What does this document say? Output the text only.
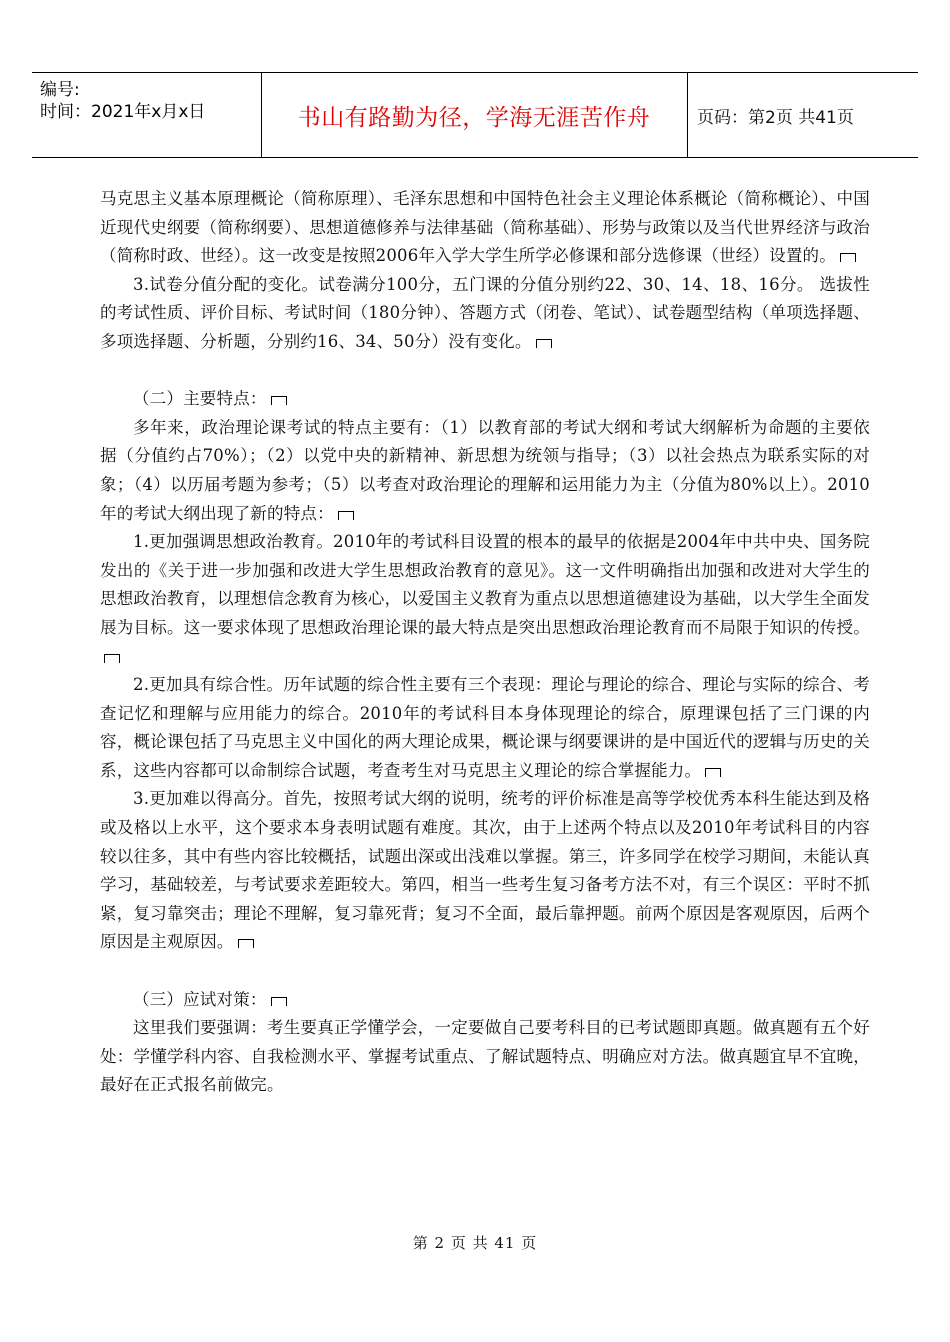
编号:
时间：2021年x月x日	书山有路勤为径，学海无涯苦作舟	页码：第2页 共41页

马克思主义基本原理概论（简称原理）、毛泽东思想和中国特色社会主义理论体系概论（简称概论）、中国近现代史纲要（简称纲要）、思想道德修养与法律基础（简称基础）、形势与政策以及当代世界经济与政治（简称时政、世经）。这一改变是按照2006年入学大学生所学必修课和部分选修课（世经）设置的。

3.试卷分值分配的变化。试卷满分100分，五门课的分值分别约22、30、14、18、16分。 选拔性的考试性质、评价目标、考试时间（180分钟）、答题方式（闭卷、笔试）、试卷题型结构（单项选择题、多项选择题、分析题，分别约16、34、50分）没有变化。

（二）主要特点：

多年来，政治理论课考试的特点主要有：（1）以教育部的考试大纲和考试大纲解析为命题的主要依据（分值约占70%）；（2）以党中央的新精神、新思想为统领与指导；（3）以社会热点为联系实际的对象；（4）以历届考题为参考；（5）以考查对政治理论的理解和运用能力为主（分值为80%以上）。2010年的考试大纲出现了新的特点：

1.更加强调思想政治教育。2010年的考试科目设置的根本的最早的依据是2004年中共中央、国务院发出的《关于进一步加强和改进大学生思想政治教育的意见》。这一文件明确指出加强和改进对大学生的思想政治教育，以理想信念教育为核心，以爱国主义教育为重点以思想道德建设为基础，以大学生全面发展为目标。这一要求体现了思想政治理论课的最大特点是突出思想政治理论教育而不局限于知识的传授。

2.更加具有综合性。历年试题的综合性主要有三个表现：理论与理论的综合、理论与实际的综合、考查记忆和理解与应用能力的综合。2010年的考试科目本身体现理论的综合，原理课包括了三门课的内容，概论课包括了马克思主义中国化的两大理论成果，概论课与纲要课讲的是中国近代的逻辑与历史的关系，这些内容都可以命制综合试题，考查考生对马克思主义理论的综合掌握能力。

3.更加难以得高分。首先，按照考试大纲的说明，统考的评价标准是高等学校优秀本科生能达到及格或及格以上水平，这个要求本身表明试题有难度。其次，由于上述两个特点以及2010年考试科目的内容较以往多，其中有些内容比较概括，试题出深或出浅难以掌握。第三，许多同学在校学习期间，未能认真学习，基础较差，与考试要求差距较大。第四，相当一些考生复习备考方法不对，有三个误区：平时不抓紧，复习靠突击；理论不理解，复习靠死背；复习不全面，最后靠押题。前两个原因是客观原因，后两个原因是主观原因。

（三）应试对策：

这里我们要强调：考生要真正学懂学会，一定要做自己要考科目的已考试题即真题。做真题有五个好处：学懂学科内容、自我检测水平、掌握考试重点、了解试题特点、明确应对方法。做真题宜早不宜晚，最好在正式报名前做完。

第 2 页 共 41 页
